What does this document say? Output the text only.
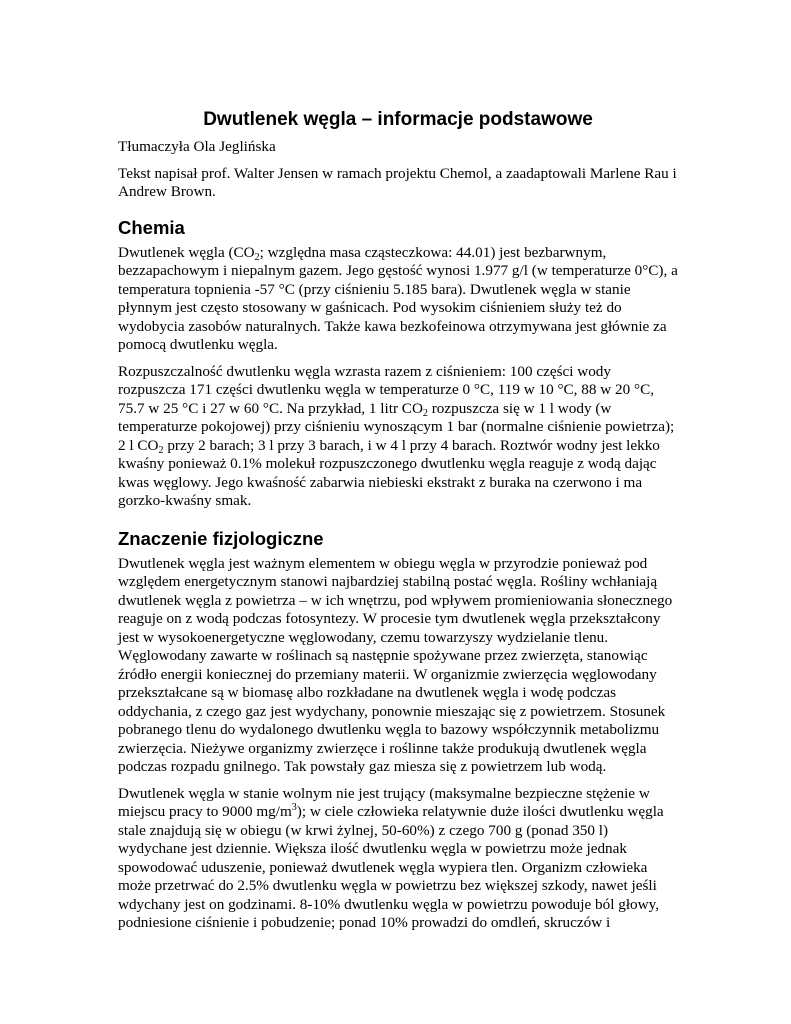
Dwutlenek węgla – informacje podstawowe

Tłumaczyła Ola Jeglińska

Tekst napisał prof. Walter Jensen w ramach projektu Chemol, a zaadaptowali Marlene Rau i Andrew Brown.

Chemia

Dwutlenek węgla ($CO_2$; względna masa cząsteczkowa: 44.01) jest bezbarwnym, bezzapachowym i niepalnym gazem. Jego gęstość wynosi 1.977 g/l (w temperaturze 0°C), a temperatura topnienia -57 °C (przy ciśnieniu 5.185 bara). Dwutlenek węgla w stanie płynnym jest często stosowany w gaśnicach. Pod wysokim ciśnieniem służy też do wydobycia zasobów naturalnych. Także kawa bezkofeinowa otrzymywana jest głównie za pomocą dwutlenku węgla.

Rozpuszczalność dwutlenku węgla wzrasta razem z ciśnieniem: 100 części wody rozpuszcza 171 części dwutlenku węgla w temperaturze 0 °C, 119 w 10 °C, 88 w 20 °C, 75.7 w 25 °C i 27 w 60 °C. Na przykład, 1 litr $CO_2$ rozpuszcza się w 1 l wody (w temperaturze pokojowej) przy ciśnieniu wynoszącym 1 bar (normalne ciśnienie powietrza); 2 l $CO_2$ przy 2 barach; 3 l przy 3 barach, i w 4 l przy 4 barach. Roztwór wodny jest lekko kwaśny ponieważ 0.1% molekuł rozpuszczonego dwutlenku węgla reaguje z wodą dając kwas węglowy. Jego kwaśność zabarwia niebieski ekstrakt z buraka na czerwono i ma gorzko-kwaśny smak.

Znaczenie fizjologiczne

Dwutlenek węgla jest ważnym elementem w obiegu węgla w przyrodzie ponieważ pod względem energetycznym stanowi najbardziej stabilną postać węgla. Rośliny wchłaniają dwutlenek węgla z powietrza – w ich wnętrzu, pod wpływem promieniowania słonecznego reaguje on z wodą podczas fotosyntezy. W procesie tym dwutlenek węgla przekształcony jest w wysokoenergetyczne węglowodany, czemu towarzyszy wydzielanie tlenu. Węglowodany zawarte w roślinach są następnie spożywane przez zwierzęta, stanowiąc źródło energii koniecznej do przemiany materii. W organizmie zwierzęcia węglowodany przekształcane są w biomasę albo rozkładane na dwutlenek węgla i wodę podczas oddychania, z czego gaz jest wydychany, ponownie mieszając się z powietrzem. Stosunek pobranego tlenu do wydalonego dwutlenku węgla to bazowy współczynnik metabolizmu zwierzęcia. Nieżywe organizmy zwierzęce i roślinne także produkują dwutlenek węgla podczas rozpadu gnilnego. Tak powstały gaz miesza się z powietrzem lub wodą.

Dwutlenek węgla w stanie wolnym nie jest trujący (maksymalne bezpieczne stężenie w miejscu pracy to 9000 $mg/m^3$); w ciele człowieka relatywnie duże ilości dwutlenku węgla stale znajdują się w obiegu (w krwi żylnej, 50-60%) z czego 700 g (ponad 350 l) wydychane jest dziennie. Większa ilość dwutlenku węgla w powietrzu może jednak spowodować uduszenie, ponieważ dwutlenek węgla wypiera tlen. Organizm człowieka może przetrwać do 2.5% dwutlenku węgla w powietrzu bez większej szkody, nawet jeśli wdychany jest on godzinami. 8-10% dwutlenku węgla w powietrzu powoduje ból głowy, podniesione ciśnienie i pobudzenie; ponad 10% prowadzi do omdleń, skruczów i
